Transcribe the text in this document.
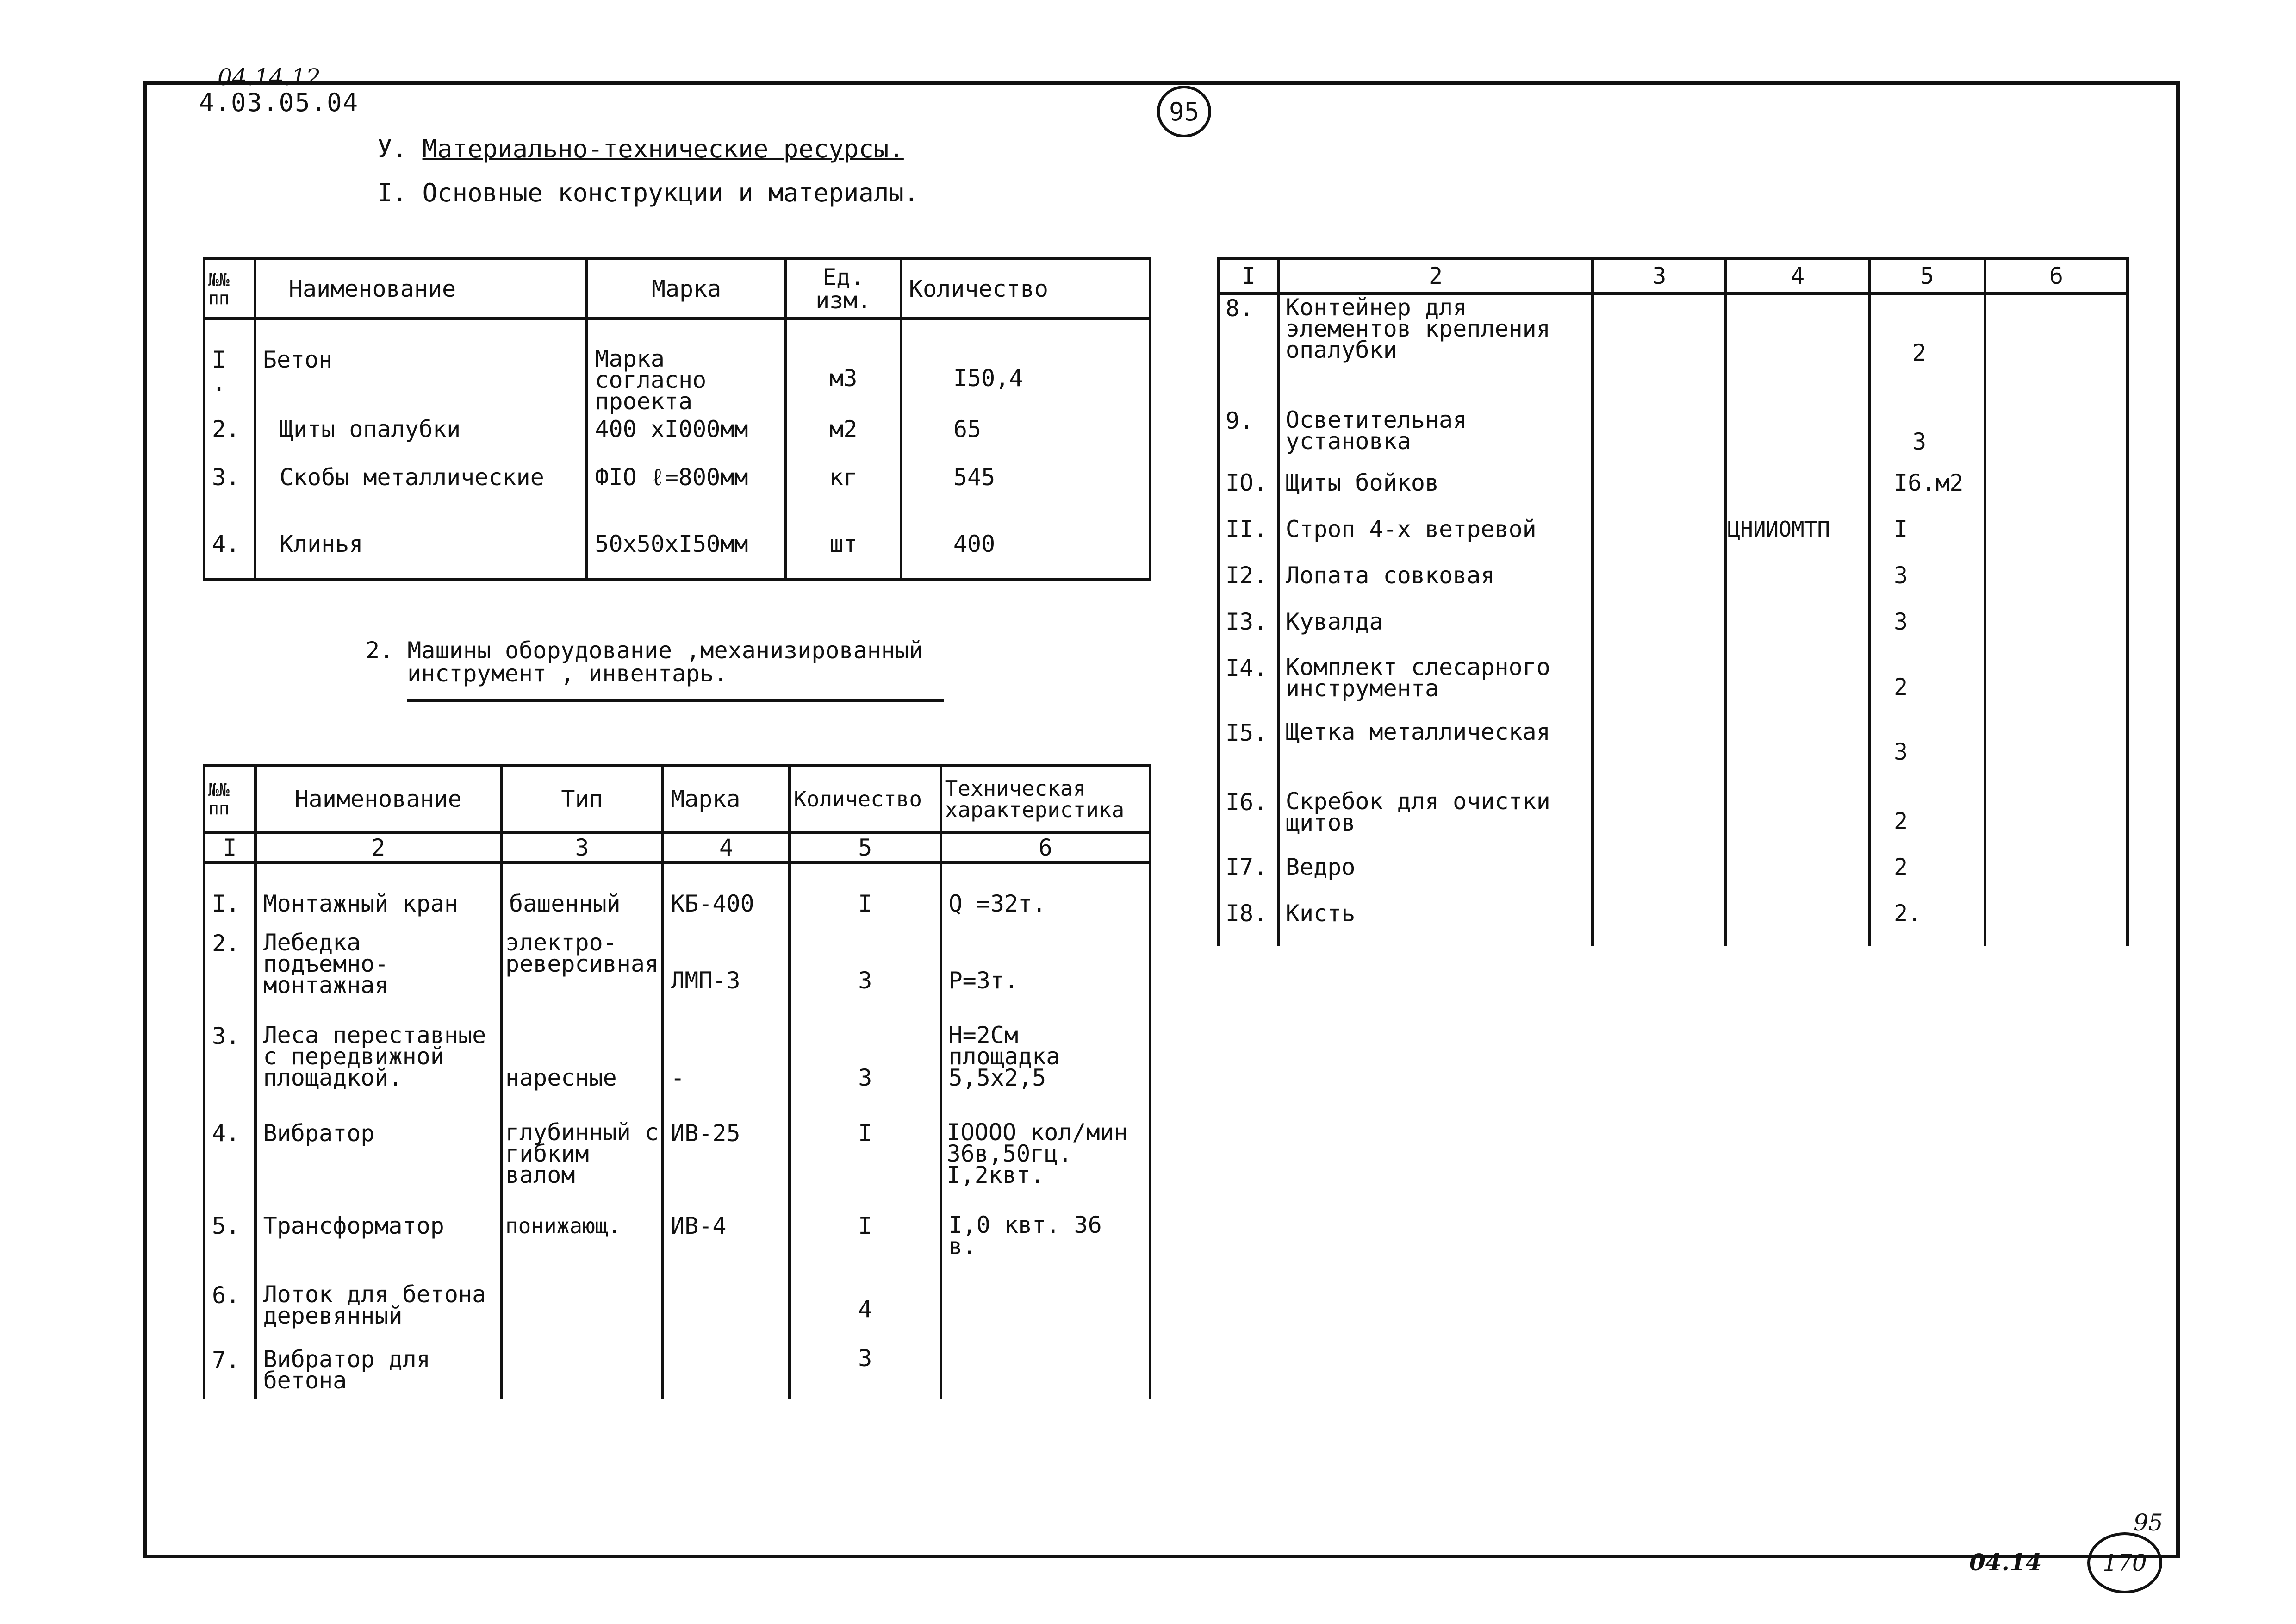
04.14.12
4.03.05.04	95
У. Материально-технические ресурсы.
I. Основные конструкции и материалы.
№№ пп	Наименование	Марка	Ед. изм.	Количество
I .	Бетон	Марка согласно проекта	м3	I50,4
2.	Щиты опалубки	400 хI000мм	м2	65
3.	Скобы металлические	ФIO ℓ=800мм	кг	545
4.	Клинья	50х50хI50мм	шт	400
2. Машины оборудование ,механизированный
инструмент , инвентарь.
№№ пп	Наименование	Тип	Марка	Количество	Техническая характеристика
I	2	3	4	5	6
I.	Монтажный кран	башенный	КБ-400	I	Q =32т.
2.	Лебедка подъемно-монтажная	электро-реверсивная	ЛМП-3	3	Р=3т.
3.	Леса переставные с передвижной площадкой.	наресные	-	3	Н=2См площадка 5,5х2,5
4.	Вибратор	глубинный с гибким валом	ИВ-25	I	IOOOO кол/мин 36в,50гц. I,2квт.
5.	Трансформатор	понижающ.	ИВ-4	I	I,0 квт. 36 в.
6.	Лоток для бетона деревянный			4	
7.	Вибратор для бетона			3	
I	2	3	4	5	6
8.	Контейнер для элементов крепления опалубки			2	
9.	Осветительная установка			3	
IO.	Щиты бойков			I6.м2	
II.	Строп 4-х ветревой		ЦНИИОМТП	I	
I2.	Лопата совковая			3	
I3.	Кувалда			3	
I4.	Комплект слесарного инструмента			2	
I5.	Щетка металлическая			3	
I6.	Скребок для очистки щитов			2	
I7.	Ведро			2	
I8.	Кисть			2.	
95
04.14	170
